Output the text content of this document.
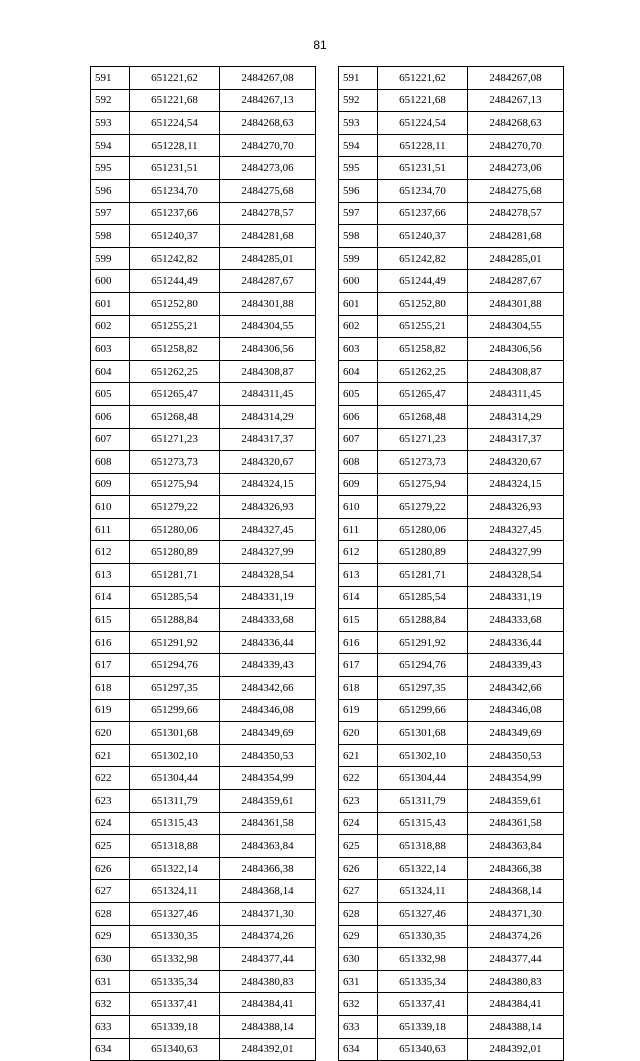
81
591	651221,62	2484267,08
592	651221,68	2484267,13
593	651224,54	2484268,63
594	651228,11	2484270,70
595	651231,51	2484273,06
596	651234,70	2484275,68
597	651237,66	2484278,57
598	651240,37	2484281,68
599	651242,82	2484285,01
600	651244,49	2484287,67
601	651252,80	2484301,88
602	651255,21	2484304,55
603	651258,82	2484306,56
604	651262,25	2484308,87
605	651265,47	2484311,45
606	651268,48	2484314,29
607	651271,23	2484317,37
608	651273,73	2484320,67
609	651275,94	2484324,15
610	651279,22	2484326,93
611	651280,06	2484327,45
612	651280,89	2484327,99
613	651281,71	2484328,54
614	651285,54	2484331,19
615	651288,84	2484333,68
616	651291,92	2484336,44
617	651294,76	2484339,43
618	651297,35	2484342,66
619	651299,66	2484346,08
620	651301,68	2484349,69
621	651302,10	2484350,53
622	651304,44	2484354,99
623	651311,79	2484359,61
624	651315,43	2484361,58
625	651318,88	2484363,84
626	651322,14	2484366,38
627	651324,11	2484368,14
628	651327,46	2484371,30
629	651330,35	2484374,26
630	651332,98	2484377,44
631	651335,34	2484380,83
632	651337,41	2484384,41
633	651339,18	2484388,14
634	651340,63	2484392,01
591	651221,62	2484267,08
592	651221,68	2484267,13
593	651224,54	2484268,63
594	651228,11	2484270,70
595	651231,51	2484273,06
596	651234,70	2484275,68
597	651237,66	2484278,57
598	651240,37	2484281,68
599	651242,82	2484285,01
600	651244,49	2484287,67
601	651252,80	2484301,88
602	651255,21	2484304,55
603	651258,82	2484306,56
604	651262,25	2484308,87
605	651265,47	2484311,45
606	651268,48	2484314,29
607	651271,23	2484317,37
608	651273,73	2484320,67
609	651275,94	2484324,15
610	651279,22	2484326,93
611	651280,06	2484327,45
612	651280,89	2484327,99
613	651281,71	2484328,54
614	651285,54	2484331,19
615	651288,84	2484333,68
616	651291,92	2484336,44
617	651294,76	2484339,43
618	651297,35	2484342,66
619	651299,66	2484346,08
620	651301,68	2484349,69
621	651302,10	2484350,53
622	651304,44	2484354,99
623	651311,79	2484359,61
624	651315,43	2484361,58
625	651318,88	2484363,84
626	651322,14	2484366,38
627	651324,11	2484368,14
628	651327,46	2484371,30
629	651330,35	2484374,26
630	651332,98	2484377,44
631	651335,34	2484380,83
632	651337,41	2484384,41
633	651339,18	2484388,14
634	651340,63	2484392,01
